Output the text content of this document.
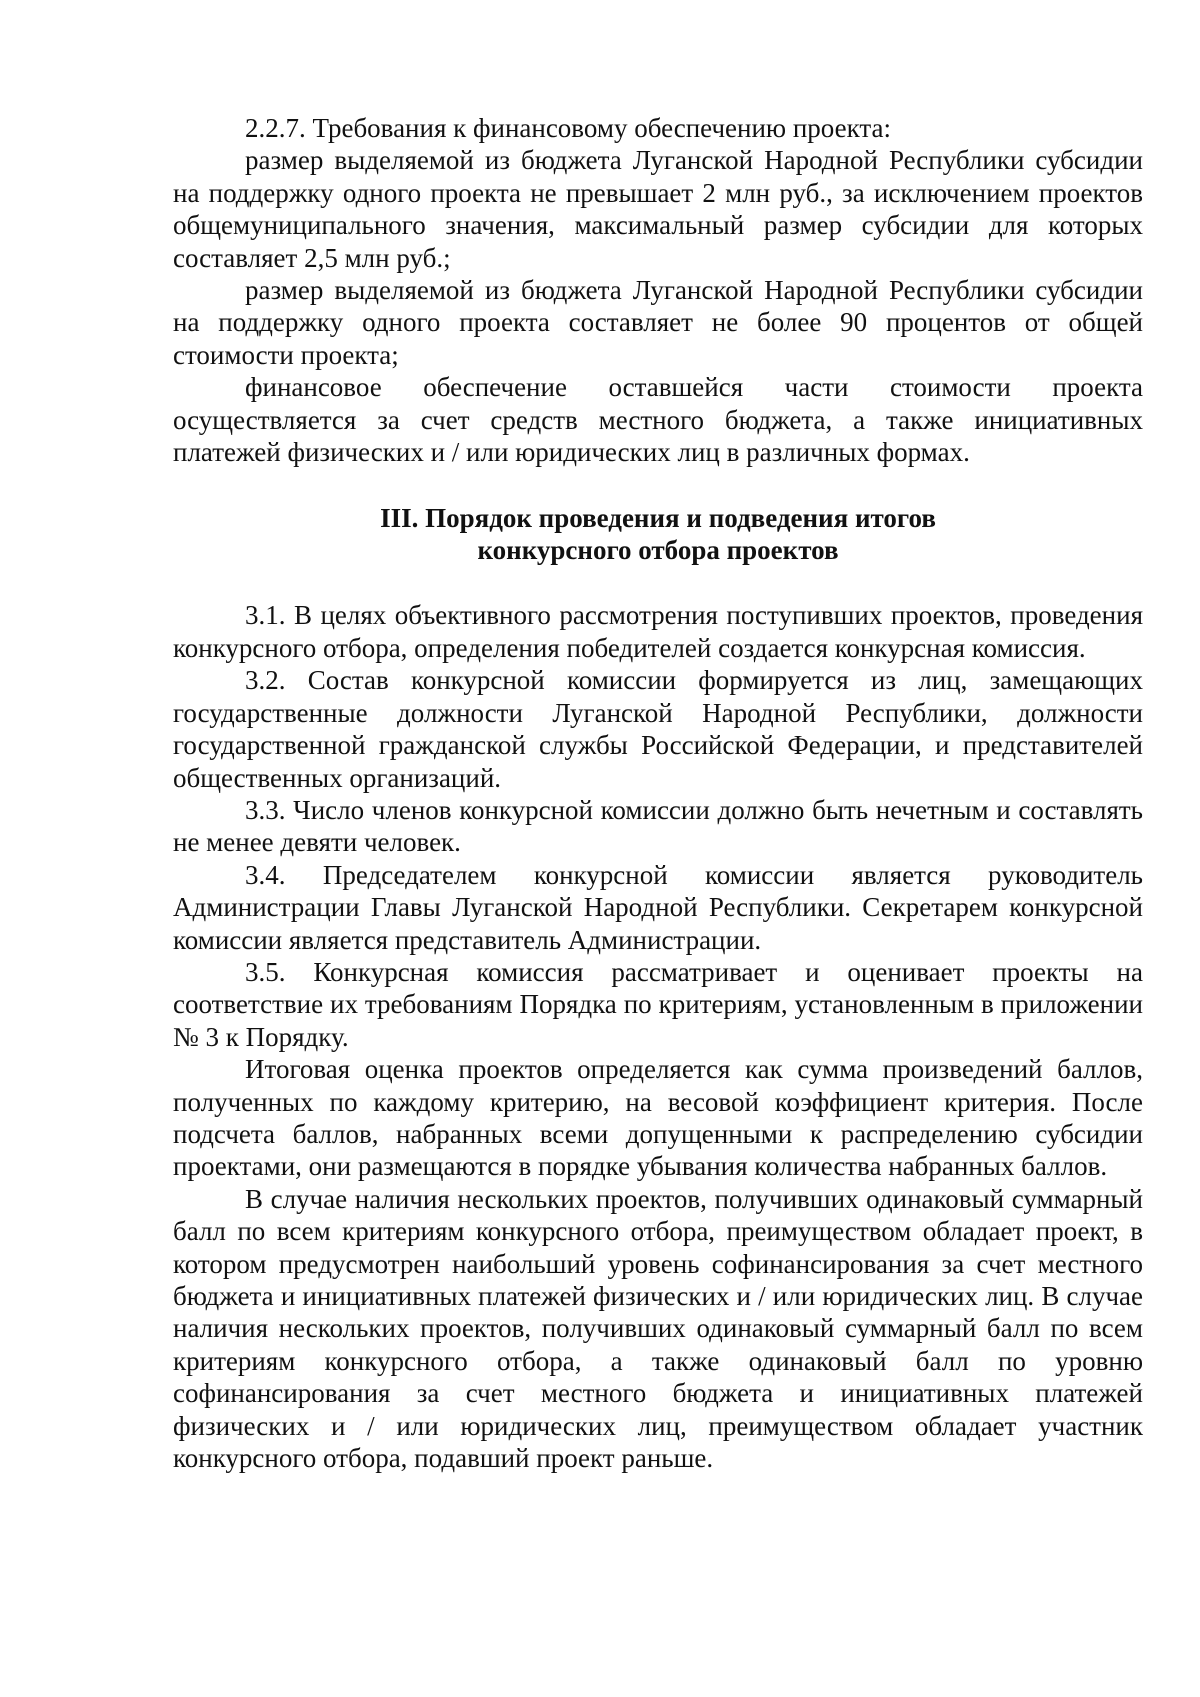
2.2.7. Требования к финансовому обеспечению проекта:

размер выделяемой из бюджета Луганской Народной Республики субсидии на поддержку одного проекта не превышает 2 млн руб., за исключением проектов общемуниципального значения, максимальный размер субсидии для которых составляет 2,5 млн руб.;

размер выделяемой из бюджета Луганской Народной Республики субсидии на поддержку одного проекта составляет не более 90 процентов от общей стоимости проекта;

финансовое обеспечение оставшейся части стоимости проекта осуществляется за счет средств местного бюджета, а также инициативных платежей физических и / или юридических лиц в различных формах.

III. Порядок проведения и подведения итогов
конкурсного отбора проектов

3.1. В целях объективного рассмотрения поступивших проектов, проведения конкурсного отбора, определения победителей создается конкурсная комиссия.

3.2. Состав конкурсной комиссии формируется из лиц, замещающих государственные должности Луганской Народной Республики, должности государственной гражданской службы Российской Федерации, и представителей общественных организаций.

3.3. Число членов конкурсной комиссии должно быть нечетным и составлять не менее девяти человек.

3.4. Председателем конкурсной комиссии является руководитель Администрации Главы Луганской Народной Республики. Секретарем конкурсной комиссии является представитель Администрации.

3.5. Конкурсная комиссия рассматривает и оценивает проекты на соответствие их требованиям Порядка по критериям, установленным в приложении № 3 к Порядку.

Итоговая оценка проектов определяется как сумма произведений баллов, полученных по каждому критерию, на весовой коэффициент критерия. После подсчета баллов, набранных всеми допущенными к распределению субсидии проектами, они размещаются в порядке убывания количества набранных баллов.

В случае наличия нескольких проектов, получивших одинаковый суммарный балл по всем критериям конкурсного отбора, преимуществом обладает проект, в котором предусмотрен наибольший уровень софинансирования за счет местного бюджета и инициативных платежей физических и / или юридических лиц. В случае наличия нескольких проектов, получивших одинаковый суммарный балл по всем критериям конкурсного отбора, а также одинаковый балл по уровню софинансирования за счет местного бюджета и инициативных платежей физических и / или юридических лиц, преимуществом обладает участник конкурсного отбора, подавший проект раньше.
